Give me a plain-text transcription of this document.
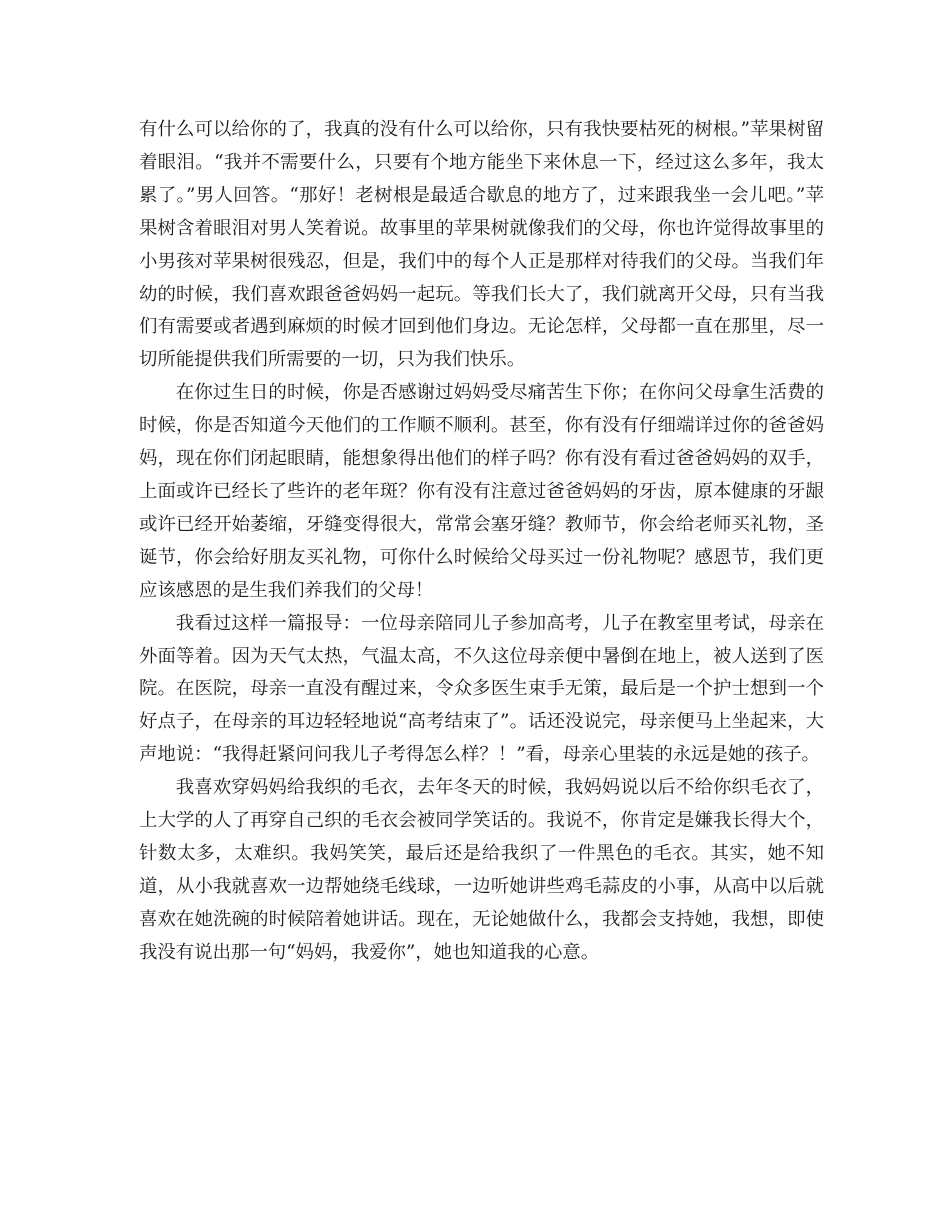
有什么可以给你的了，我真的没有什么可以给你，只有我快要枯死的树根。”苹果树留着眼泪。“我并不需要什么，只要有个地方能坐下来休息一下，经过这么多年，我太累了。”男人回答。“那好！老树根是最适合歇息的地方了，过来跟我坐一会儿吧。”苹果树含着眼泪对男人笑着说。故事里的苹果树就像我们的父母，你也许觉得故事里的小男孩对苹果树很残忍，但是，我们中的每个人正是那样对待我们的父母。当我们年幼的时候，我们喜欢跟爸爸妈妈一起玩。等我们长大了，我们就离开父母，只有当我们有需要或者遇到麻烦的时候才回到他们身边。无论怎样，父母都一直在那里，尽一切所能提供我们所需要的一切，只为我们快乐。

在你过生日的时候，你是否感谢过妈妈受尽痛苦生下你；在你问父母拿生活费的时候，你是否知道今天他们的工作顺不顺利。甚至，你有没有仔细端详过你的爸爸妈妈，现在你们闭起眼睛，能想象得出他们的样子吗？你有没有看过爸爸妈妈的双手，上面或许已经长了些许的老年斑？你有没有注意过爸爸妈妈的牙齿，原本健康的牙龈或许已经开始萎缩，牙缝变得很大，常常会塞牙缝？教师节，你会给老师买礼物，圣诞节，你会给好朋友买礼物，可你什么时候给父母买过一份礼物呢？感恩节，我们更应该感恩的是生我们养我们的父母！

我看过这样一篇报导：一位母亲陪同儿子参加高考，儿子在教室里考试，母亲在外面等着。因为天气太热，气温太高，不久这位母亲便中暑倒在地上，被人送到了医院。在医院，母亲一直没有醒过来，令众多医生束手无策，最后是一个护士想到一个好点子，在母亲的耳边轻轻地说“高考结束了”。话还没说完，母亲便马上坐起来，大声地说：“我得赶紧问问我儿子考得怎么样？！”看，母亲心里装的永远是她的孩子。

我喜欢穿妈妈给我织的毛衣，去年冬天的时候，我妈妈说以后不给你织毛衣了，上大学的人了再穿自己织的毛衣会被同学笑话的。我说不，你肯定是嫌我长得大个，针数太多，太难织。我妈笑笑，最后还是给我织了一件黑色的毛衣。其实，她不知道，从小我就喜欢一边帮她绕毛线球，一边听她讲些鸡毛蒜皮的小事，从高中以后就喜欢在她洗碗的时候陪着她讲话。现在，无论她做什么，我都会支持她，我想，即使我没有说出那一句“妈妈，我爱你”，她也知道我的心意。
